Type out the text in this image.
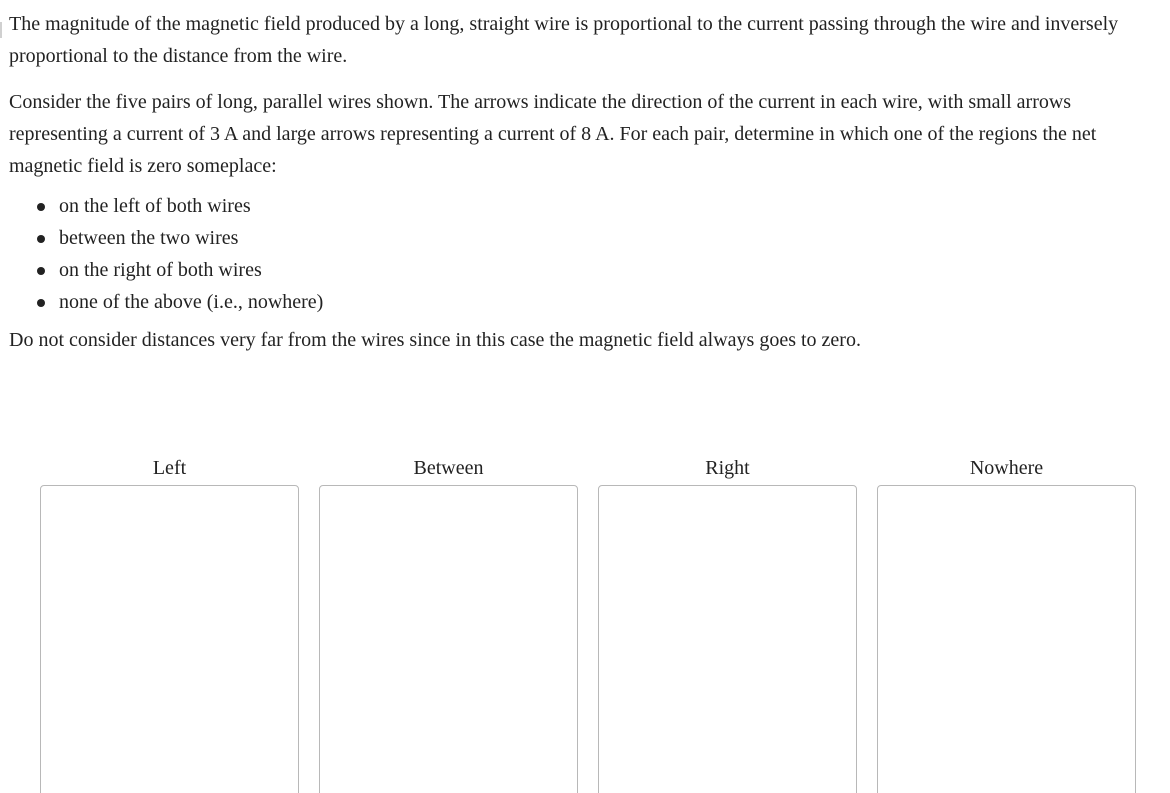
The magnitude of the magnetic field produced by a long, straight wire is proportional to the current passing through the wire and inversely proportional to the distance from the wire.

Consider the five pairs of long, parallel wires shown. The arrows indicate the direction of the current in each wire, with small arrows representing a current of 3 A and large arrows representing a current of 8 A. For each pair, determine in which one of the regions the net magnetic field is zero someplace:

on the left of both wires
between the two wires
on the right of both wires
none of the above (i.e., nowhere)

Do not consider distances very far from the wires since in this case the magnetic field always goes to zero.

Left	Between	Right	Nowhere
